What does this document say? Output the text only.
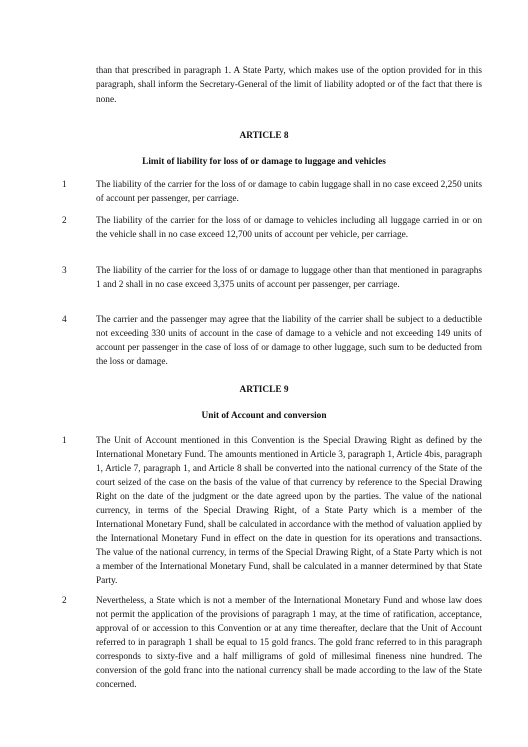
than that prescribed in paragraph 1. A State Party, which makes use of the option provided for in this paragraph, shall inform the Secretary-General of the limit of liability adopted or of the fact that there is none.
ARTICLE 8
Limit of liability for loss of or damage to luggage and vehicles
1	The liability of the carrier for the loss of or damage to cabin luggage shall in no case exceed 2,250 units of account per passenger, per carriage.
2	The liability of the carrier for the loss of or damage to vehicles including all luggage carried in or on the vehicle shall in no case exceed 12,700 units of account per vehicle, per carriage.
3	The liability of the carrier for the loss of or damage to luggage other than that mentioned in paragraphs 1 and 2 shall in no case exceed 3,375 units of account per passenger, per carriage.
4	The carrier and the passenger may agree that the liability of the carrier shall be subject to a deductible not exceeding 330 units of account in the case of damage to a vehicle and not exceeding 149 units of account per passenger in the case of loss of or damage to other luggage, such sum to be deducted from the loss or damage.
ARTICLE 9
Unit of Account and conversion
1	The Unit of Account mentioned in this Convention is the Special Drawing Right as defined by the International Monetary Fund. The amounts mentioned in Article 3, paragraph 1, Article 4bis, paragraph 1, Article 7, paragraph 1, and Article 8 shall be converted into the national currency of the State of the court seized of the case on the basis of the value of that currency by reference to the Special Drawing Right on the date of the judgment or the date agreed upon by the parties. The value of the national currency, in terms of the Special Drawing Right, of a State Party which is a member of the International Monetary Fund, shall be calculated in accordance with the method of valuation applied by the International Monetary Fund in effect on the date in question for its operations and transactions. The value of the national currency, in terms of the Special Drawing Right, of a State Party which is not a member of the International Monetary Fund, shall be calculated in a manner determined by that State Party.
2	Nevertheless, a State which is not a member of the International Monetary Fund and whose law does not permit the application of the provisions of paragraph 1 may, at the time of ratification, acceptance, approval of or accession to this Convention or at any time thereafter, declare that the Unit of Account referred to in paragraph 1 shall be equal to 15 gold francs. The gold franc referred to in this paragraph corresponds to sixty-five and a half milligrams of gold of millesimal fineness nine hundred. The conversion of the gold franc into the national currency shall be made according to the law of the State concerned.
